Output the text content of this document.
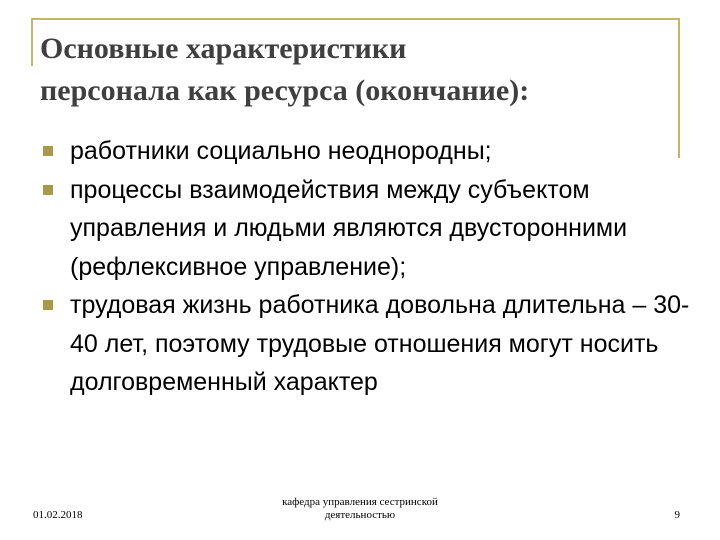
Основные характеристики
персонала как ресурса (окончание):
работники социально неоднородны;
процессы взаимодействия между субъектом управления и людьми являются двусторонними (рефлексивное управление);
трудовая жизнь работника довольна длительна – 30-40 лет, поэтому трудовые отношения могут носить долговременный характер
01.02.2018
кафедра управления сестринской
деятельностью	9
